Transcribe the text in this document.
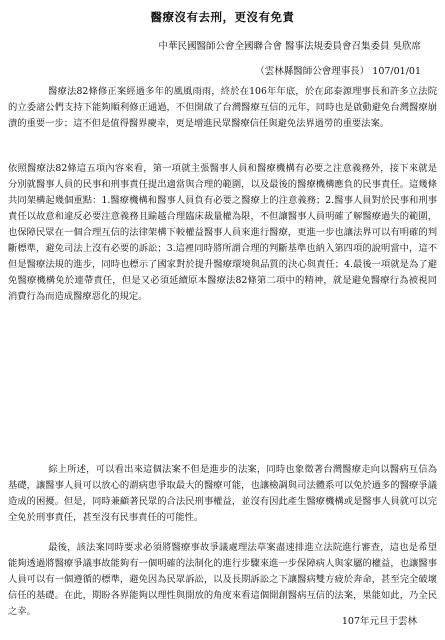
醫療沒有去刑，更沒有免責
中華民國醫師公會全國聯合會 醫事法規委員會召集委員 吳欣席
（雲林縣醫師公會理事長） 107/01/01

醫療法82條修正案經過多年的風風雨雨，終於在106年年底，於在邱泰源理事長和許多立法院的立委諸公們支持下能夠順利修正通過，不但開啟了台灣醫療互信的元年，同時也是啟動避免台灣醫療崩潰的重要一步；這不但是值得醫界慶幸，更是增進民眾醫療信任與避免法界過勞的重要法案。

依照醫療法82條這五項內容來看，第一項就主張醫事人員和醫療機構有必要之注意義務外，接下來就是分別就醫事人員的民事和刑事責任提出適當與合理的範圍，以及最後的醫療機構應負的民事責任。這幾條共同架構起幾個重點：1.醫療機構和醫事人員負有必要之醫療上的注意義務；2.醫事人員對於民事和刑事責任以故意和違反必要注意義務且踰越合理臨床裁量權為限，不但讓醫事人員明確了解醫療過失的範圍，也保障民眾在一個合理互信的法律架構下較權益醫事人員來進行醫療，更進一步也讓法界可以有明確的判斷標準，避免司法上沒有必要的訴訟；3.這裡同時將所謂合理的判斷基準也納入第四項的說明當中，這不但是醫療法規的進步，同時也標示了國家對於提升醫療環境與品質的決心與責任；4.最後一項就是為了避免醫療機構免於連帶責任，但是又必須延續原本醫療法82條第二項中的精神，就是避免醫療行為被視同消費行為而造成醫療惡化的規定。

綜上所述，可以看出來這個法案不但是進步的法案，同時也象徵著台灣醫療走向以醫病互信為基礎，讓醫事人員可以放心的謂病患爭取最大的醫療可能，也讓檢調與司法體系可以免於過多的醫療爭議造成的困擾。但是，同時兼顧著民眾的合法民刑事權益，並沒有因此產生醫療機構或是醫事人員就可以完全免於刑事責任，甚至沒有民事責任的可能性。

最後，該法案同時要求必須將醫療事故爭議處理法草案盡速排進立法院進行審查，這也是希望能夠透過將醫療爭議事故能夠有一個明確的法制化的進行步驟來進一步保障病人與家屬的權益，也讓醫事人員可以有一個遵循的標準，避免因為民眾訴訟，以及長期訴訟之下讓醫病雙方疲於奔命，甚至完全破壞信任的基礎。在此，期盼各界能夠以理性與開放的角度來看這個開創醫病互信的法案，果能如此，乃全民之幸。

107年元旦于雲林
